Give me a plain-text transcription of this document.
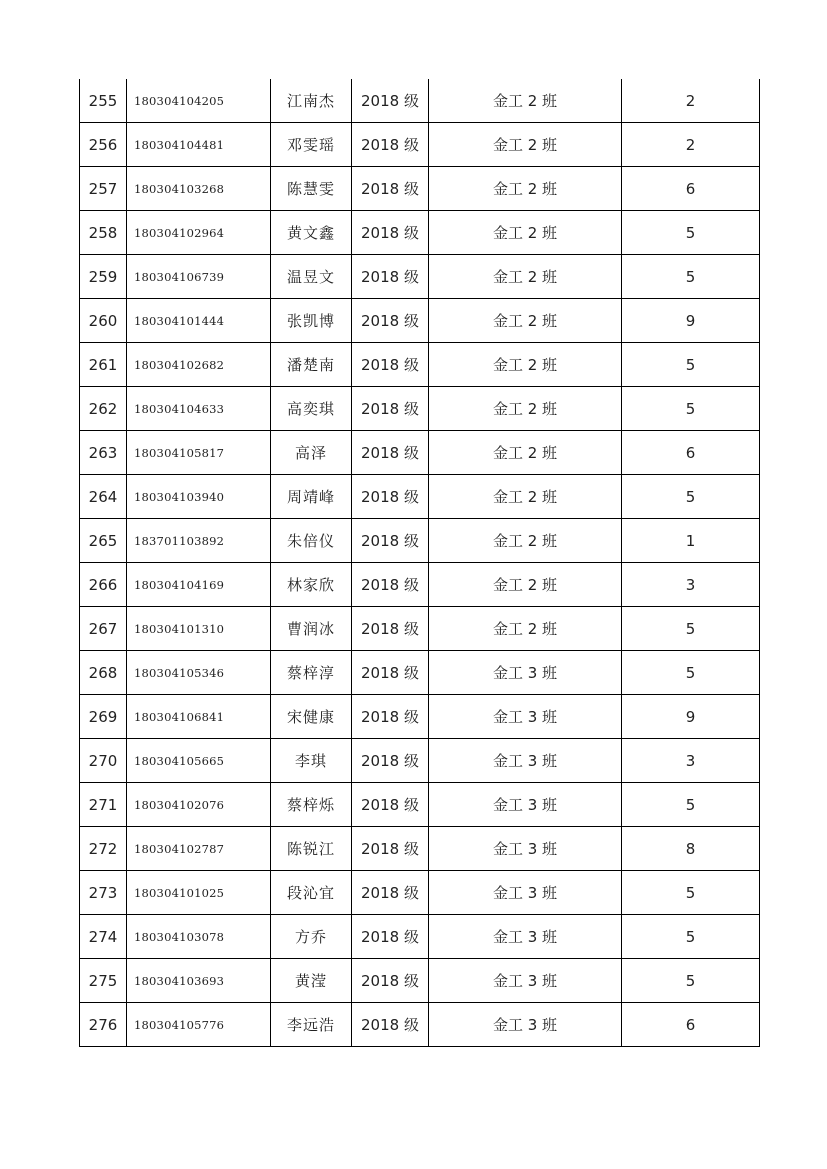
255	180304104205	江南杰	2018 级	金工 2 班	2
256	180304104481	邓雯瑶	2018 级	金工 2 班	2
257	180304103268	陈慧雯	2018 级	金工 2 班	6
258	180304102964	黄文鑫	2018 级	金工 2 班	5
259	180304106739	温昱文	2018 级	金工 2 班	5
260	180304101444	张凯博	2018 级	金工 2 班	9
261	180304102682	潘楚南	2018 级	金工 2 班	5
262	180304104633	高奕琪	2018 级	金工 2 班	5
263	180304105817	高泽	2018 级	金工 2 班	6
264	180304103940	周靖峰	2018 级	金工 2 班	5
265	183701103892	朱倍仪	2018 级	金工 2 班	1
266	180304104169	林家欣	2018 级	金工 2 班	3
267	180304101310	曹润冰	2018 级	金工 2 班	5
268	180304105346	蔡梓淳	2018 级	金工 3 班	5
269	180304106841	宋健康	2018 级	金工 3 班	9
270	180304105665	李琪	2018 级	金工 3 班	3
271	180304102076	蔡梓烁	2018 级	金工 3 班	5
272	180304102787	陈锐江	2018 级	金工 3 班	8
273	180304101025	段沁宜	2018 级	金工 3 班	5
274	180304103078	方乔	2018 级	金工 3 班	5
275	180304103693	黄滢	2018 级	金工 3 班	5
276	180304105776	李远浩	2018 级	金工 3 班	6
